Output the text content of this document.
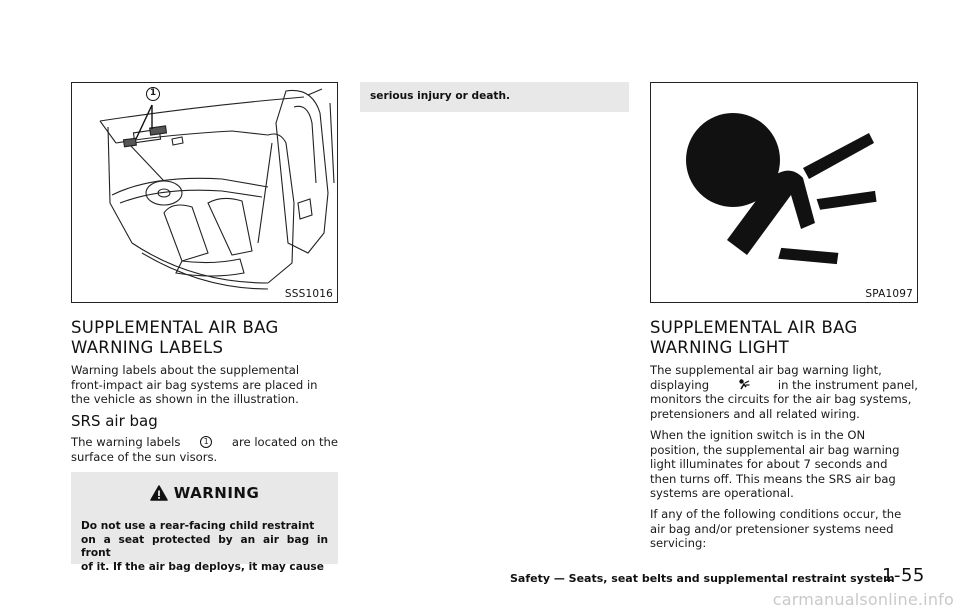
1
SSS1016
SUPPLEMENTAL AIR BAG
WARNING LABELS
Warning labels about the supplemental
front-impact air bag systems are placed in
the vehicle as shown in the illustration.
SRS air bag
The warning labels	1 are located on the
surface of the sun visors.
WARNING
Do not use a rear-facing child restraint
on a seat protected by an air bag in front
of it. If the air bag deploys, it may cause
serious injury or death.
SPA1097
SUPPLEMENTAL AIR BAG
WARNING LIGHT
The supplemental air bag warning light,
displaying	in the instrument panel,
monitors the circuits for the air bag systems,
pretensioners and all related wiring.
When the ignition switch is in the ON
position, the supplemental air bag warning
light illuminates for about 7 seconds and
then turns off. This means the SRS air bag
systems are operational.
If any of the following conditions occur, the
air bag and/or pretensioner systems need
servicing:
Safety — Seats, seat belts and supplemental restraint system
1-55
carmanualsonline.info
